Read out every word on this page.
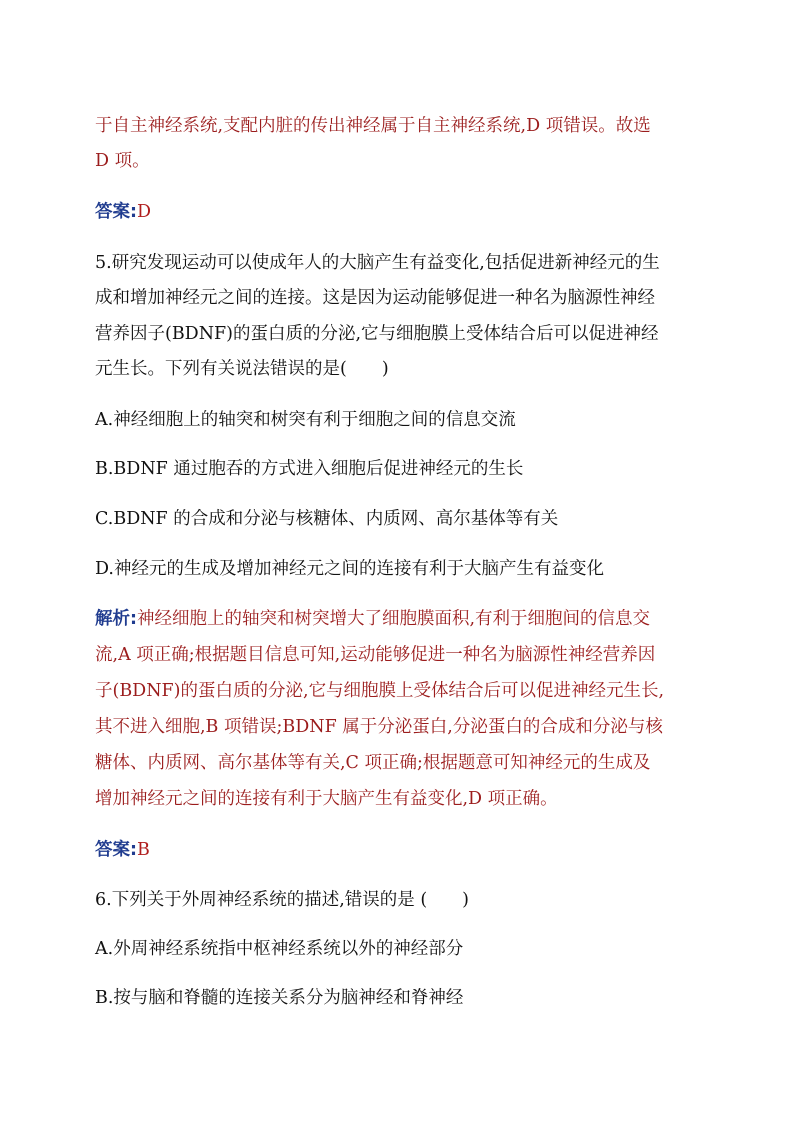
于自主神经系统,支配内脏的传出神经属于自主神经系统,D 项错误。故选
D 项。
答案:D
5.研究发现运动可以使成年人的大脑产生有益变化,包括促进新神经元的生
成和增加神经元之间的连接。这是因为运动能够促进一种名为脑源性神经
营养因子(BDNF)的蛋白质的分泌,它与细胞膜上受体结合后可以促进神经
元生长。下列有关说法错误的是(　　)
A.神经细胞上的轴突和树突有利于细胞之间的信息交流
B.BDNF 通过胞吞的方式进入细胞后促进神经元的生长
C.BDNF 的合成和分泌与核糖体、内质网、高尔基体等有关
D.神经元的生成及增加神经元之间的连接有利于大脑产生有益变化
解析:神经细胞上的轴突和树突增大了细胞膜面积,有利于细胞间的信息交
流,A 项正确;根据题目信息可知,运动能够促进一种名为脑源性神经营养因
子(BDNF)的蛋白质的分泌,它与细胞膜上受体结合后可以促进神经元生长,
其不进入细胞,B 项错误;BDNF 属于分泌蛋白,分泌蛋白的合成和分泌与核
糖体、内质网、高尔基体等有关,C 项正确;根据题意可知神经元的生成及
增加神经元之间的连接有利于大脑产生有益变化,D 项正确。
答案:B
6.下列关于外周神经系统的描述,错误的是 (　　)
A.外周神经系统指中枢神经系统以外的神经部分
B.按与脑和脊髓的连接关系分为脑神经和脊神经
